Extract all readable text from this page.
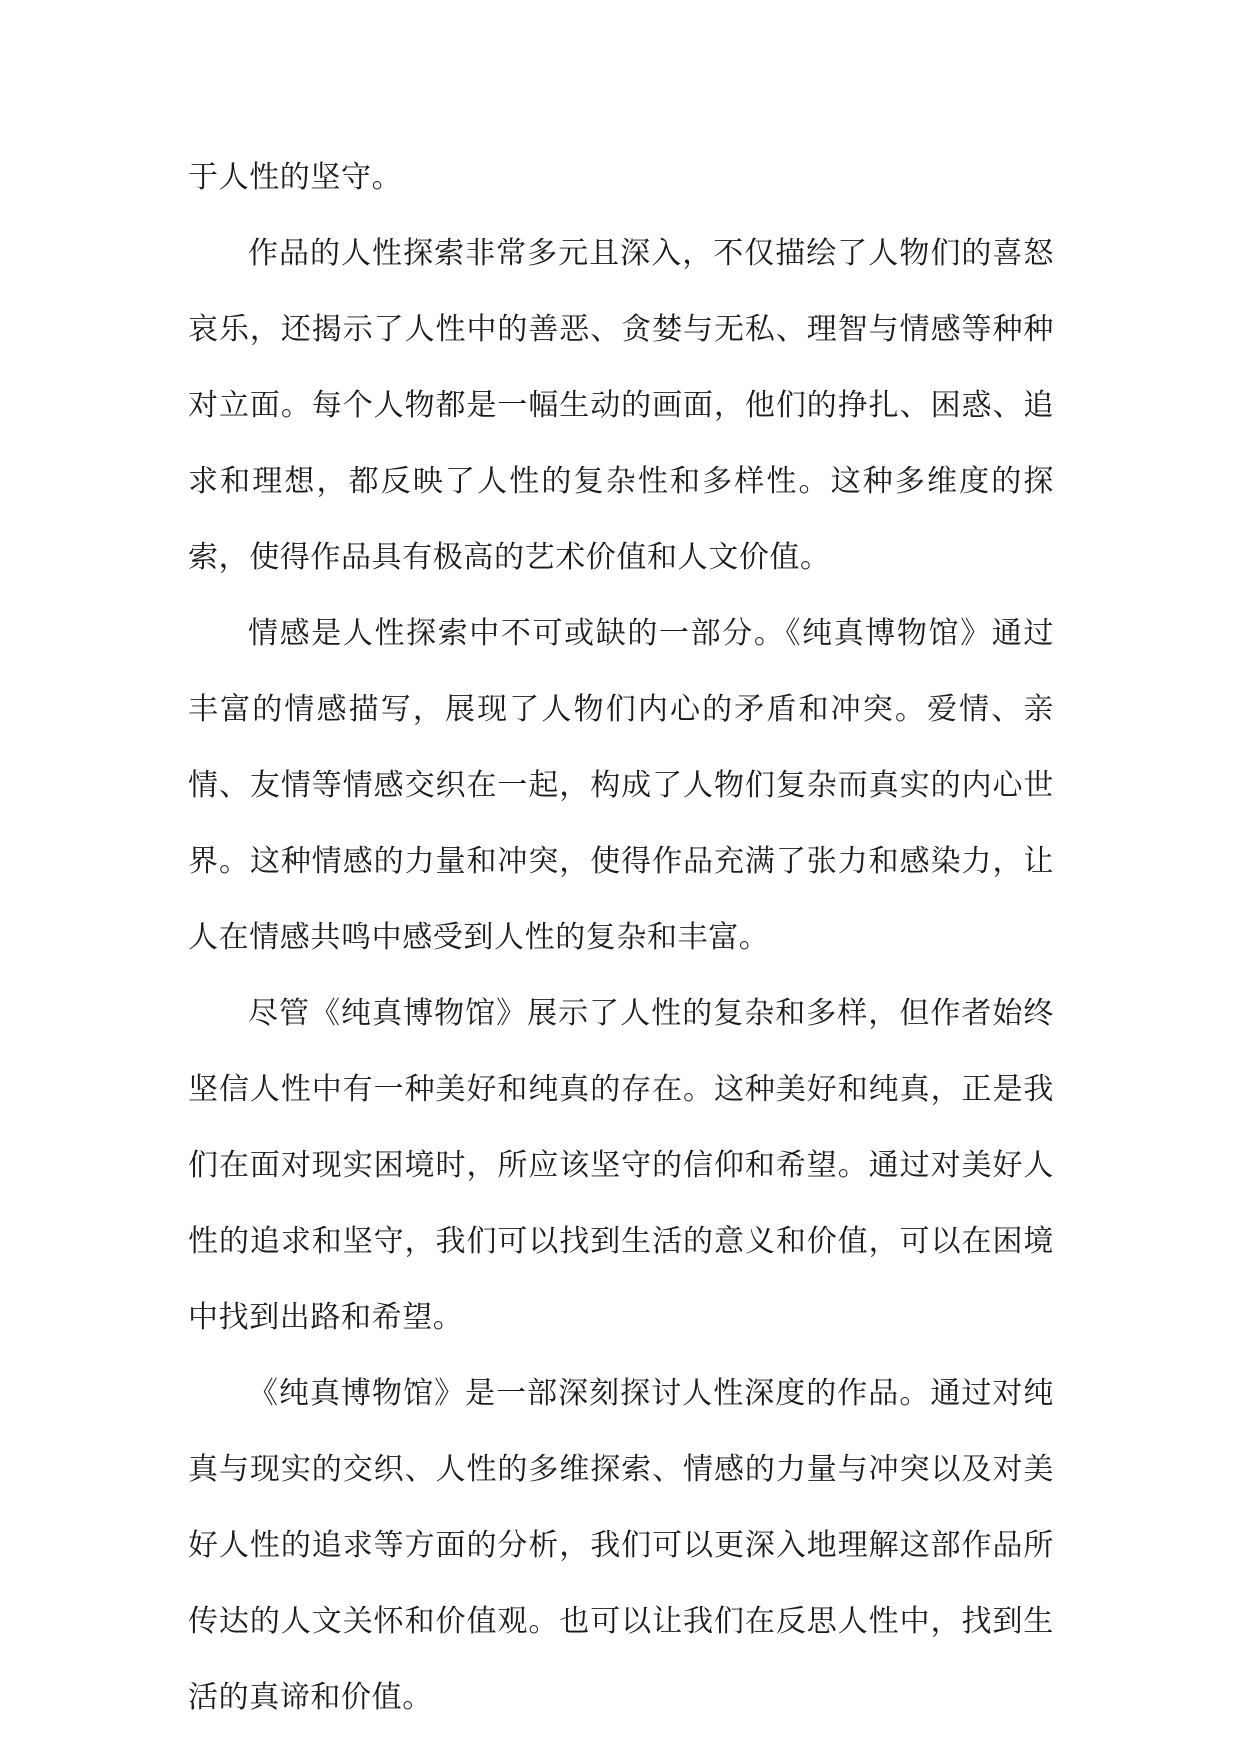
于人性的坚守。

作品的人性探索非常多元且深入，不仅描绘了人物们的喜怒哀乐，还揭示了人性中的善恶、贪婪与无私、理智与情感等种种对立面。每个人物都是一幅生动的画面，他们的挣扎、困惑、追求和理想，都反映了人性的复杂性和多样性。这种多维度的探索，使得作品具有极高的艺术价值和人文价值。

情感是人性探索中不可或缺的一部分。《纯真博物馆》通过丰富的情感描写，展现了人物们内心的矛盾和冲突。爱情、亲情、友情等情感交织在一起，构成了人物们复杂而真实的内心世界。这种情感的力量和冲突，使得作品充满了张力和感染力，让人在情感共鸣中感受到人性的复杂和丰富。

尽管《纯真博物馆》展示了人性的复杂和多样，但作者始终坚信人性中有一种美好和纯真的存在。这种美好和纯真，正是我们在面对现实困境时，所应该坚守的信仰和希望。通过对美好人性的追求和坚守，我们可以找到生活的意义和价值，可以在困境中找到出路和希望。

《纯真博物馆》是一部深刻探讨人性深度的作品。通过对纯真与现实的交织、人性的多维探索、情感的力量与冲突以及对美好人性的追求等方面的分析，我们可以更深入地理解这部作品所传达的人文关怀和价值观。也可以让我们在反思人性中，找到生活的真谛和价值。
